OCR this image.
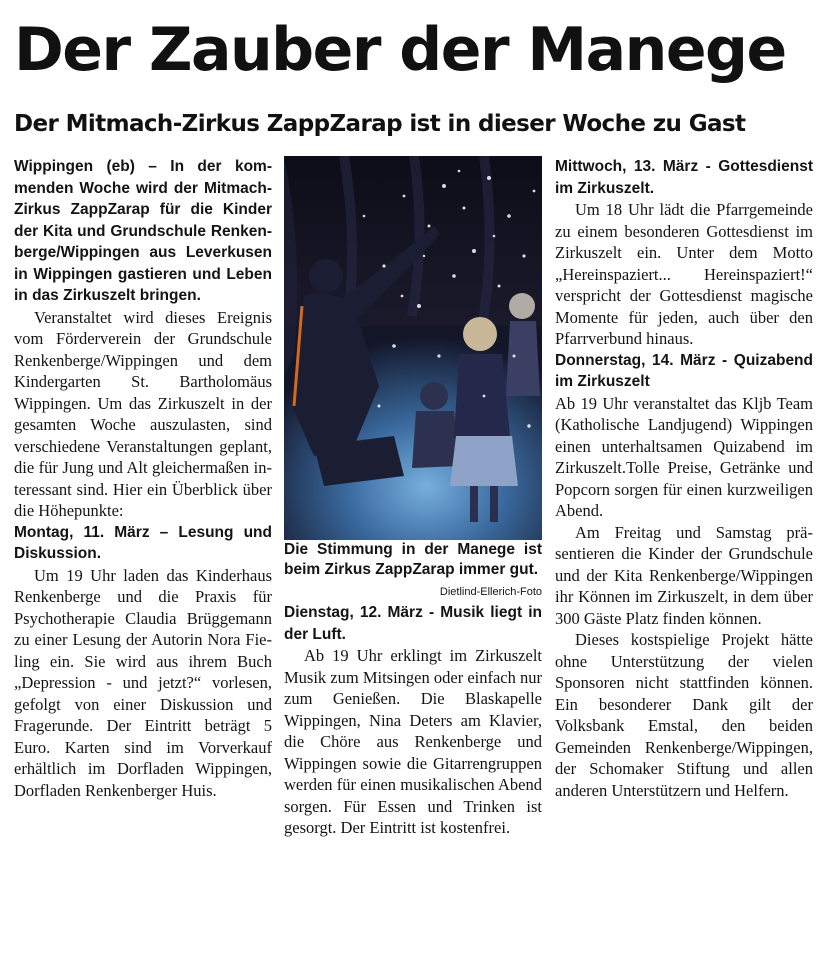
Der Zauber der Manege
Der Mitmach-Zirkus ZappZarap ist in dieser Woche zu Gast

Wippingen (eb) – In der kommenden Woche wird der Mitmach-Zirkus ZappZarap für die Kinder der Kita und Grundschule Renkenberge/Wippingen aus Leverkusen in Wippingen gastieren und Leben in das Zirkuszelt bringen.

Veranstaltet wird dieses Ereignis vom Förderverein der Grundschule Renkenberge/Wippingen und dem Kindergarten St. Bartholomäus Wippingen. Um das Zirkuszelt in der gesamten Woche auszulasten, sind verschiedene Veranstaltungen geplant, die für Jung und Alt gleichermaßen interessant sind. Hier ein Überblick über die Höhepunkte:

Montag, 11. März – Lesung und Diskussion.

Um 19 Uhr laden das Kinderhaus Renkenberge und die Praxis für Psychotherapie Claudia Brüggemann zu einer Lesung der Autorin Nora Fieling ein. Sie wird aus ihrem Buch „Depression - und jetzt?“ vorlesen, gefolgt von einer Diskussion und Fragerunde. Der Eintritt beträgt 5 Euro. Karten sind im Vorverkauf erhältlich im Dorfladen Wippingen, Dorfladen Renkenberger Huis.

Die Stimmung in der Manege ist beim Zirkus ZappZarap immer gut.
Dietlind-Ellerich-Foto

Dienstag, 12. März - Musik liegt in der Luft.

Ab 19 Uhr erklingt im Zirkuszelt Musik zum Mitsingen oder einfach nur zum Genießen. Die Blaskapelle Wippingen, Nina Deters am Klavier, die Chöre aus Renkenberge und Wippingen sowie die Gitarrengruppen werden für einen musikalischen Abend sorgen. Für Essen und Trinken ist gesorgt. Der Eintritt ist kostenfrei.

Mittwoch, 13. März - Gottesdienst im Zirkuszelt.

Um 18 Uhr lädt die Pfarrgemeinde zu einem besonderen Gottesdienst im Zirkuszelt ein. Unter dem Motto „Hereinspaziert... Hereinspaziert!“ verspricht der Gottesdienst magische Momente für jeden, auch über den Pfarrverbund hinaus.

Donnerstag, 14. März - Quizabend im Zirkuszelt

Ab 19 Uhr veranstaltet das Kljb Team (Katholische Landjugend) Wippingen einen unterhaltsamen Quizabend im Zirkuszelt.Tolle Preise, Getränke und Popcorn sorgen für einen kurzweiligen Abend.

Am Freitag und Samstag präsentieren die Kinder der Grundschule und der Kita Renkenberge/Wippingen ihr Können im Zirkuszelt, in dem über 300 Gäste Platz finden können.

Dieses kostspielige Projekt hätte ohne Unterstützung der vielen Sponsoren nicht stattfinden können. Ein besonderer Dank gilt der Volksbank Emstal, den beiden Gemeinden Renkenberge/Wippingen, der Schomaker Stiftung und allen anderen Unterstützern und Helfern.
